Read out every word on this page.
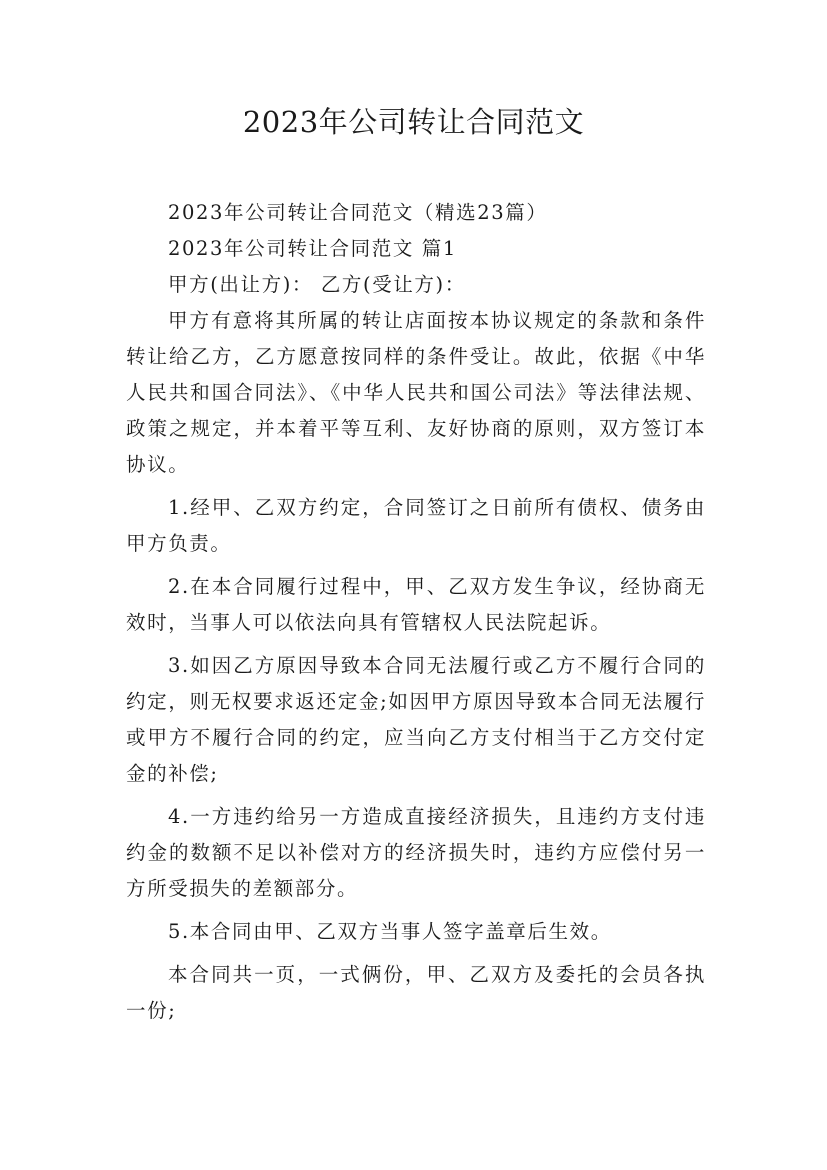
2023年公司转让合同范文

2023年公司转让合同范文（精选23篇）

2023年公司转让合同范文 篇1

甲方(出让方)： 乙方(受让方)：

甲方有意将其所属的转让店面按本协议规定的条款和条件转让给乙方，乙方愿意按同样的条件受让。故此，依据《中华人民共和国合同法》、《中华人民共和国公司法》等法律法规、政策之规定，并本着平等互利、友好协商的原则，双方签订本协议。

1.经甲、乙双方约定，合同签订之日前所有债权、债务由甲方负责。

2.在本合同履行过程中，甲、乙双方发生争议，经协商无效时，当事人可以依法向具有管辖权人民法院起诉。

3.如因乙方原因导致本合同无法履行或乙方不履行合同的约定，则无权要求返还定金;如因甲方原因导致本合同无法履行或甲方不履行合同的约定，应当向乙方支付相当于乙方交付定金的补偿;

4.一方违约给另一方造成直接经济损失，且违约方支付违约金的数额不足以补偿对方的经济损失时，违约方应偿付另一方所受损失的差额部分。

5.本合同由甲、乙双方当事人签字盖章后生效。

本合同共一页，一式俩份，甲、乙双方及委托的会员各执一份;
